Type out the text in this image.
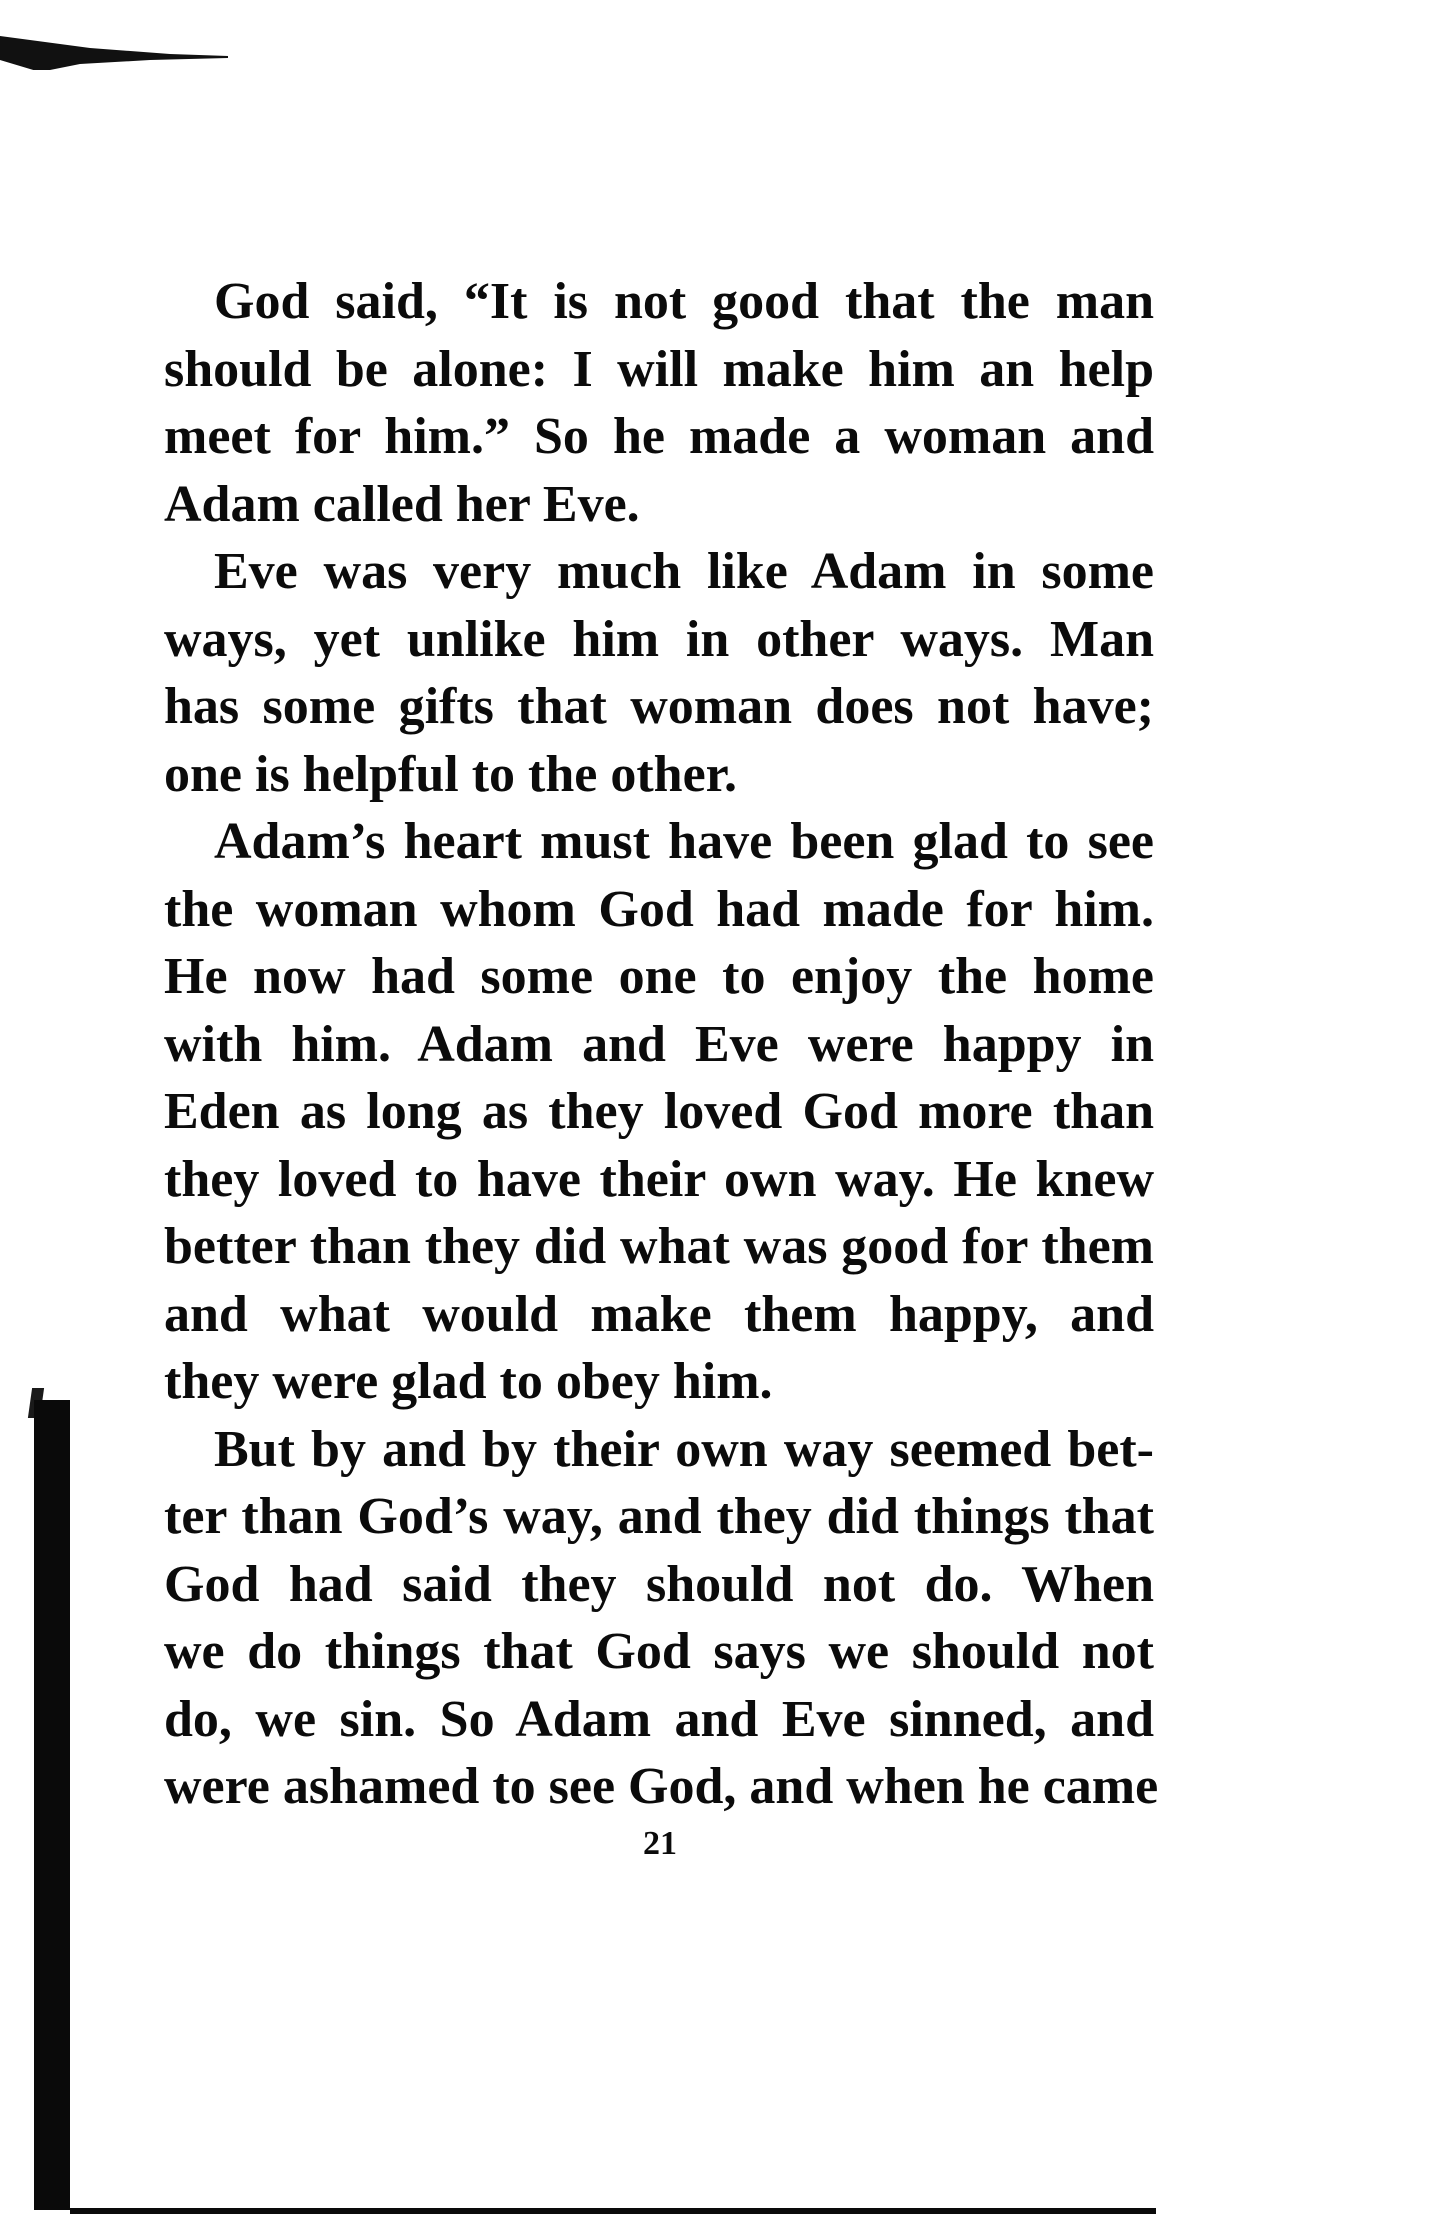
God said, “It is not good that the man
should be alone: I will make him an help
meet for him.” So he made a woman and
Adam called her Eve.
Eve was very much like Adam in some
ways, yet unlike him in other ways. Man
has some gifts that woman does not have;
one is helpful to the other.
Adam’s heart must have been glad to see
the woman whom God had made for him.
He now had some one to enjoy the home
with him. Adam and Eve were happy in
Eden as long as they loved God more than
they loved to have their own way. He knew
better than they did what was good for them
and what would make them happy, and
they were glad to obey him.
But by and by their own way seemed bet-
ter than God’s way, and they did things that
God had said they should not do. When
we do things that God says we should not
do, we sin. So Adam and Eve sinned, and
were ashamed to see God, and when he came
21
